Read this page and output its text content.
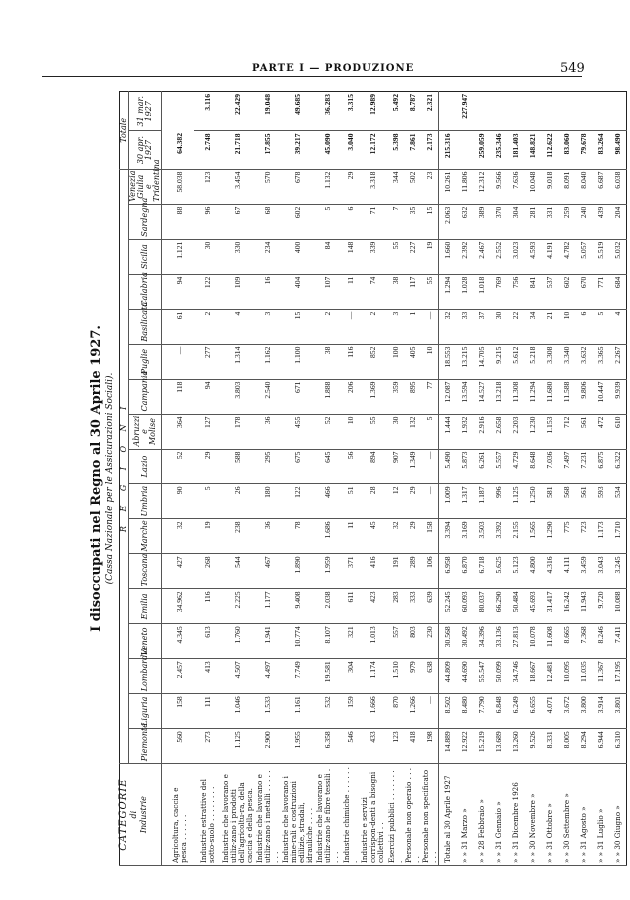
PARTE I — PRODUZIONE	549
I disoccupati nel Regno al 30 Aprile 1927. (Cassa Nazionale per le Assicurazioni Sociali).
CATEGORIE di Industrie	R E G I O N I																	Totale	
	Piemonte	Liguria	Lombardia	Veneto	Emilia	Toscana	Marche	Umbria	Lazio	Abruzzi e Molise	Campania	Puglie	Basilicata	Calabria	Sicilia	Sardegna	Venezia Giulia e Tridentina		
																		30 apr. 1927	31 mar. 1927
Agricoltura, caccia e pesca . . . . . .	560	158	2.457	4.345	34.962	427	32	90	52	364	118	—	61	94	1.121	88	58.038	64.382	
Industrie estrattive del sotto-suolo . . . . . . . .	273	111	413	613	116	268	19	5	29	127	94	277	2	122	30	96	123	2.748	3.116
Industrie che lavorano e utiliz-zano i prodotti dell'agricoltu-ra, della caccia e della pesca.	1.125	1.046	4.507	1.760	2.225	544	238	26	588	178	3.803	1.314	4	109	330	67	3.454	21.718	22.429
Industrie che lavorano e utiliz-zano i metalli . . . . . . . .	2.900	1.533	4.497	1.941	1.177	467	36	180	295	36	2.540	1.162	3	16	234	68	570	17.855	19.048
Industrie che lavorano i mine-rali e costruzioni edilizie, stradali, idrauliche . . . .	1.955	1.161	7.749	10.774	9.408	1.890	78	122	675	455	671	1.100	15	404	400	602	678	39.217	49.685
Industrie che lavorano e utiliz-zano le fibre tessili . . . .	6.358	532	19.581	8.107	2.038	1.959	1.686	466	645	52	1.888	38	2	107	84	5	1.132	45.090	36.283
Industrie chimiche . . . . . . .	546	159	304	321	611	371	11	51	56	10	206	116	—	11	148	6	29	3.040	3.315
Industrie e servizi corrispon-denti a bisogni collettivi . .	433	1.666	1.174	1.013	423	416	45	28	894	55	1.369	852	2	74	339	71	3.318	12.172	12.989
Esercizi pubblici . . . . . . . .	123	870	1.510	557	283	191	32	12	907	30	359	100	3	38	55	7	344	5.398	5.492
Personale non operaio . . . . .	418	1.266	979	803	333	289	29	29	1.349	132	895	405	1	117	227	35	502	7.861	8.787
Personale non specificato . . .	198	—	638	230	639	106	158	—	—	5	77	10	—	55	19	15	23	2.173	2.321
Totale al 30 Aprile 1927	14.889	8.502	44.809	30.568	52.245	6.958	3.394	1.009	5.490	1.444	12.087	18.553	32	1.294	1.660	2.063	10.261	215.316	
» » 31 Marzo »	12.922	8.480	44.690	30.492	60.093	6.870	3.169	1.317	5.873	1.932	13.594	13.215	33	1.028	2.392	632	11.806		227.947
» » 28 Febbraio »	15.219	7.790	55.547	34.396	80.037	6.718	3.503	1.187	6.261	2.916	14.527	14.705	37	1.018	2.467	389	12.312	259.059	
» » 31 Gennaio »	13.689	6.848	50.099	33.136	66.290	5.625	3.392	996	5.557	2.658	13.218	9.215	30	769	2.552	370	9.566	235.346	
» » 31 Dicembre 1926	13.260	6.249	34.746	27.813	50.484	5.123	2.155	1.125	4.729	2.203	11.308	5.612	22	756	3.023	304	7.636	181.403	
» » 30 Novembre »	9.526	6.655	18.667	10.078	45.693	4.800	1.565	1.250	8.648	1.230	11.294	5.218	34	841	4.593	281	10.048	148.821	
» » 31 Ottobre »	8.331	4.071	12.481	11.608	31.417	4.316	1.290	581	7.036	1.153	11.680	3.308	21	537	4.191	331	9.018	112.622	
» » 30 Settembre »	8.005	3.672	10.095	8.665	16.242	4.111	775	568	7.497	712	11.588	3.340	10	602	4.782	259	8.091	83.060	
» » 31 Agosto »	8.294	3.800	11.035	7.368	11.943	3.459	723	561	7.231	561	9.806	3.632	6	670	5.057	240	8.040	79.678	
» » 31 Luglio »	6.944	3.914	11.367	8.246	9.720	3.043	1.173	593	6.875	472	10.447	3.365	5	771	5.519	439	6.687	83.264	
» » 30 Giugno »	6.310	3.801	17.195	7.411	10.088	3.245	1.710	534	6.322	610	9.939	2.267	4	684	5.032	204	6.038	98.490	
